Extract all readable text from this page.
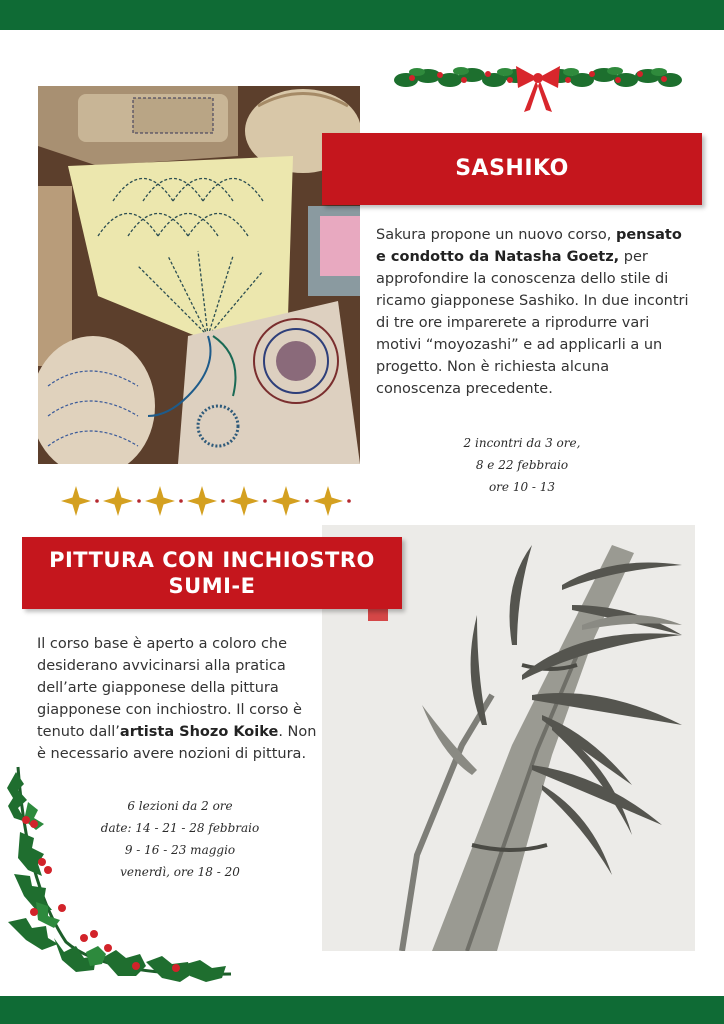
SASHIKO
Sakura propone un nuovo corso, pensato e condotto da Natasha Goetz, per approfondire la conoscenza dello stile di ricamo giapponese Sashiko. In due incontri di tre ore imparerete a riprodurre vari motivi “moyozashi” e ad applicarli a un progetto. Non è richiesta alcuna conoscenza precedente.
2 incontri da 3 ore,
8 e 22 febbraio
ore 10 - 13
PITTURA CON INCHIOSTRO
SUMI-E
Il corso base è aperto a coloro che desiderano avvicinarsi alla pratica dell’arte giapponese della pittura giapponese con inchiostro. Il corso è tenuto dall’artista Shozo Koike. Non è necessario avere nozioni di pittura.
6 lezioni da 2 ore
date: 14 - 21 - 28 febbraio
9 - 16 - 23 maggio
venerdì, ore 18 - 20
